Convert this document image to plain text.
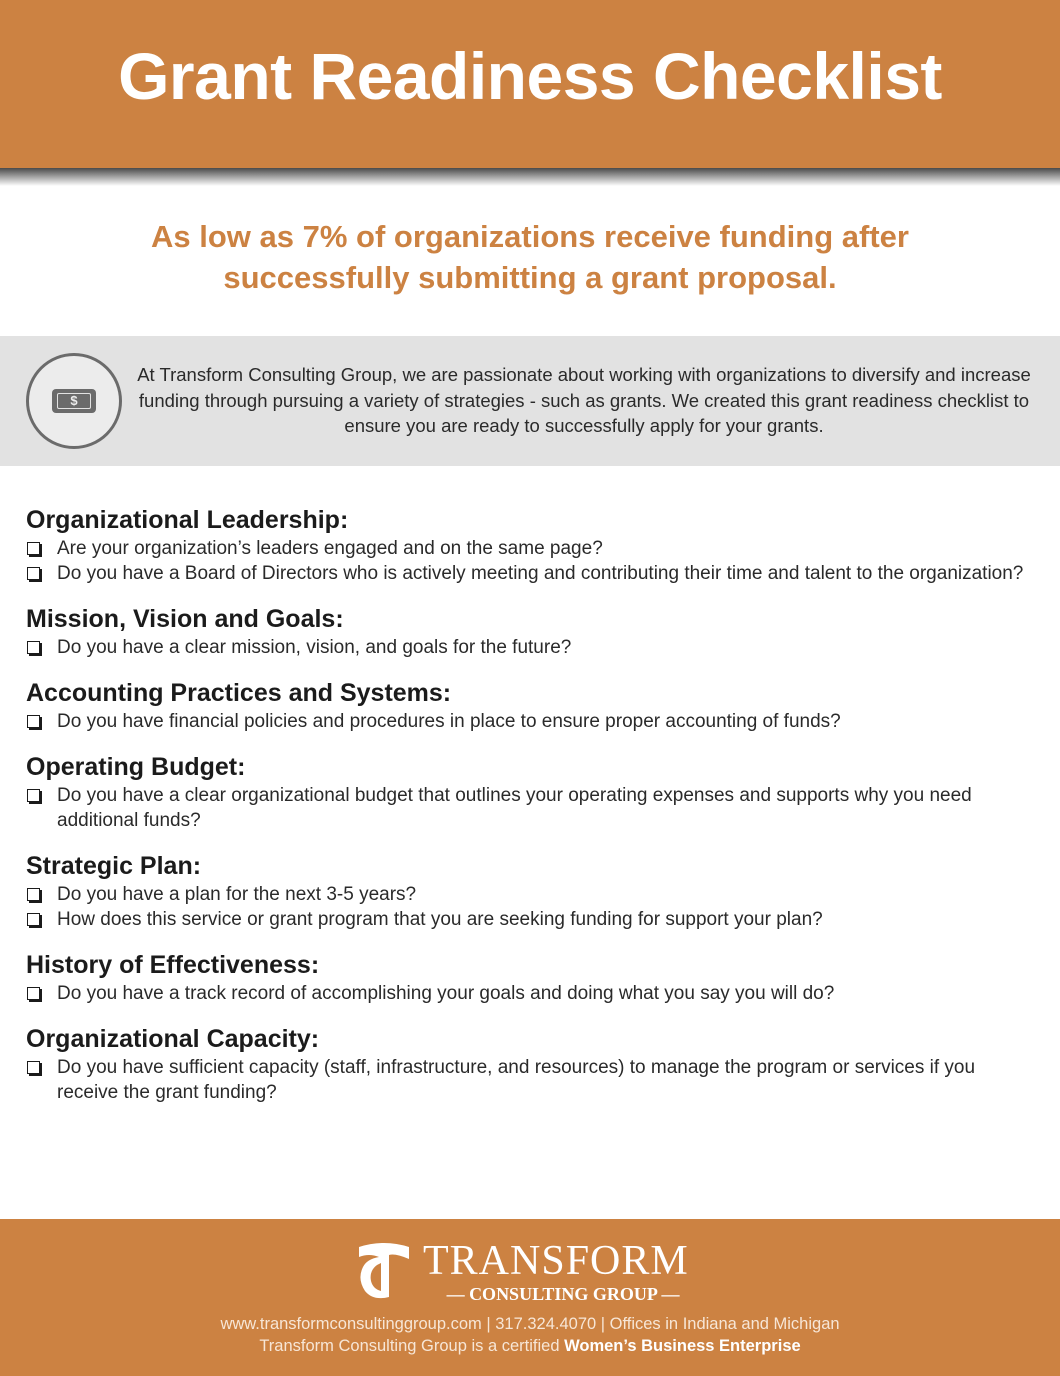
Grant Readiness Checklist

As low as 7% of organizations receive funding after successfully submitting a grant proposal.

$

At Transform Consulting Group, we are passionate about working with organizations to diversify and increase funding through pursuing a variety of strategies - such as grants. We created this grant readiness checklist to ensure you are ready to successfully apply for your grants.

Organizational Leadership:
Are your organization’s leaders engaged and on the same page?
Do you have a Board of Directors who is actively meeting and contributing their time and talent to the organization?
Mission, Vision and Goals:
Do you have a clear mission, vision, and goals for the future?
Accounting Practices and Systems:
Do you have financial policies and procedures in place to ensure proper accounting of funds?
Operating Budget:
Do you have a clear organizational budget that outlines your operating expenses and supports why you need additional funds?
Strategic Plan:
Do you have a plan for the next 3-5 years?
How does this service or grant program that you are seeking funding for support your plan?
History of Effectiveness:
Do you have a track record of accomplishing your goals and doing what you say you will do?
Organizational Capacity:
Do you have sufficient capacity (staff, infrastructure, and resources) to manage the program or services if you receive the grant funding?
TRANSFORM
— CONSULTING GROUP —
www.transformconsultinggroup.com | 317.324.4070 | Offices in Indiana and Michigan
Transform Consulting Group is a certified Women’s Business Enterprise
